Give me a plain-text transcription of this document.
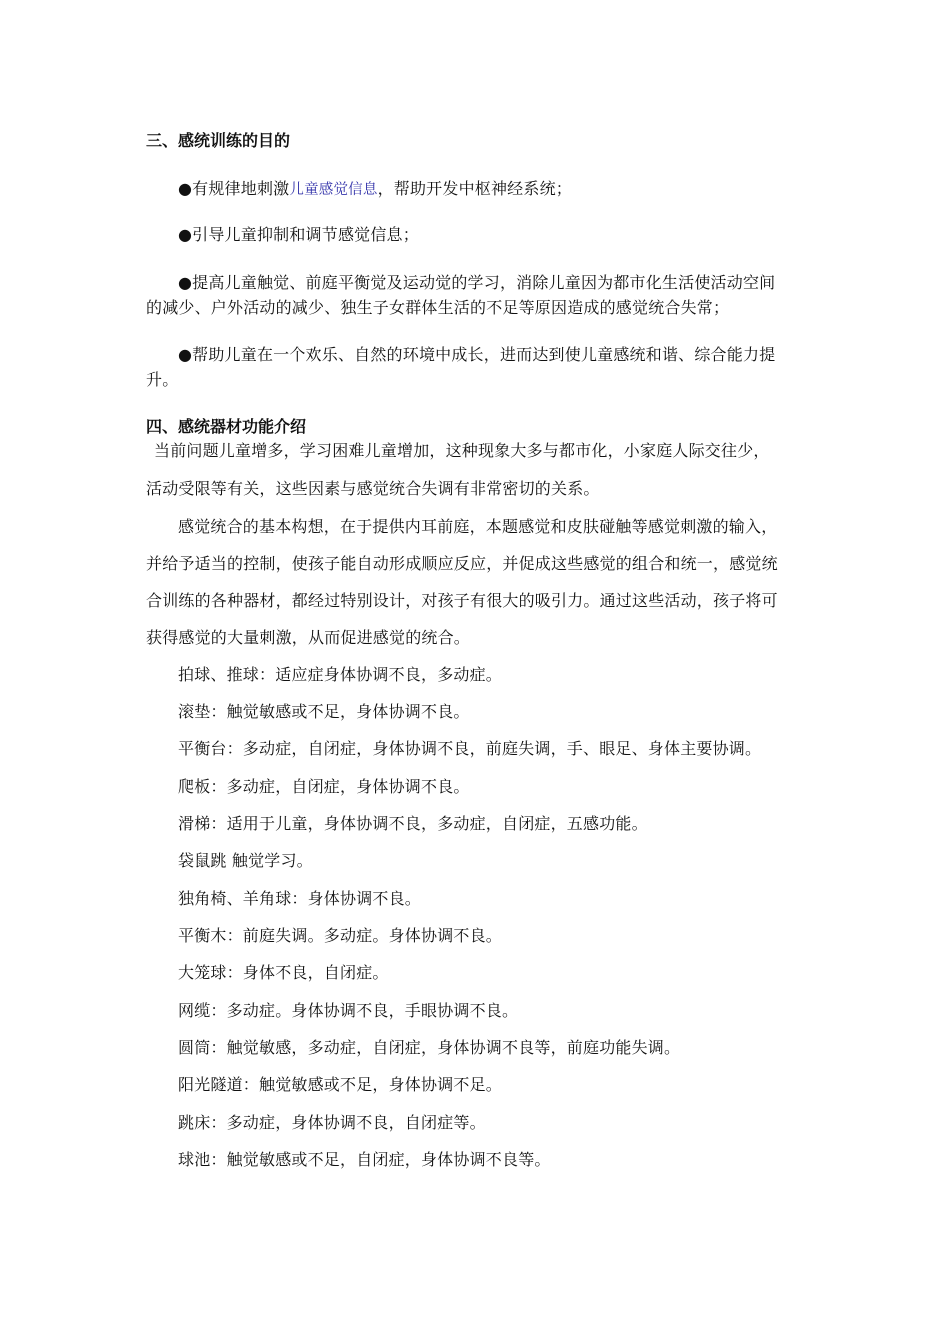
三、感统训练的目的
●有规律地刺激儿童感觉信息，帮助开发中枢神经系统；
●引导儿童抑制和调节感觉信息；
●提高儿童触觉、前庭平衡觉及运动觉的学习，消除儿童因为都市化生活使活动空间
的减少、户外活动的减少、独生子女群体生活的不足等原因造成的感觉统合失常；
●帮助儿童在一个欢乐、自然的环境中成长，进而达到使儿童感统和谐、综合能力提
升。
四、感统器材功能介绍
当前问题儿童增多，学习困难儿童增加，这种现象大多与都市化，小家庭人际交往少，
活动受限等有关，这些因素与感觉统合失调有非常密切的关系。
感觉统合的基本构想，在于提供内耳前庭，本题感觉和皮肤碰触等感觉刺激的输入，
并给予适当的控制，使孩子能自动形成顺应反应，并促成这些感觉的组合和统一，感觉统
合训练的各种器材，都经过特别设计，对孩子有很大的吸引力。通过这些活动，孩子将可
获得感觉的大量刺激，从而促进感觉的统合。
拍球、推球：适应症身体协调不良，多动症。
滚垫：触觉敏感或不足，身体协调不良。
平衡台：多动症，自闭症，身体协调不良，前庭失调，手、眼足、身体主要协调。
爬板：多动症，自闭症，身体协调不良。
滑梯：适用于儿童，身体协调不良，多动症，自闭症，五感功能。
袋鼠跳 触觉学习。
独角椅、羊角球：身体协调不良。
平衡木：前庭失调。多动症。身体协调不良。
大笼球：身体不良，自闭症。
网缆：多动症。身体协调不良，手眼协调不良。
圆筒：触觉敏感，多动症，自闭症，身体协调不良等，前庭功能失调。
阳光隧道：触觉敏感或不足，身体协调不足。
跳床：多动症，身体协调不良，自闭症等。
球池：触觉敏感或不足，自闭症，身体协调不良等。
